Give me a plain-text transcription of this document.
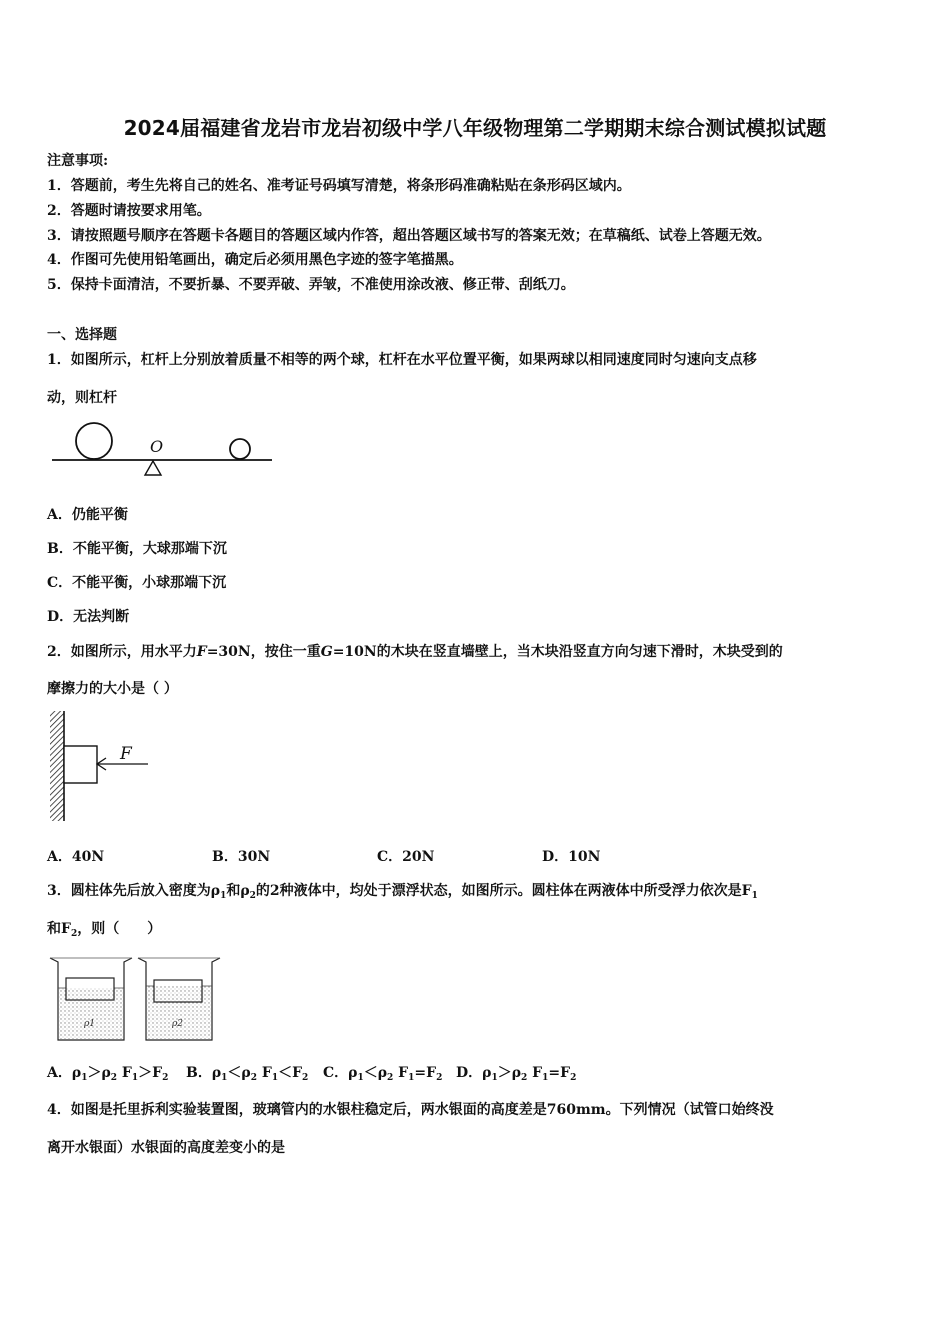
2024届福建省龙岩市龙岩初级中学八年级物理第二学期期末综合测试模拟试题
注意事项:
1．答题前，考生先将自己的姓名、准考证号码填写清楚，将条形码准确粘贴在条形码区域内。
2．答题时请按要求用笔。
3．请按照题号顺序在答题卡各题目的答题区域内作答，超出答题区域书写的答案无效；在草稿纸、试卷上答题无效。
4．作图可先使用铅笔画出，确定后必须用黑色字迹的签字笔描黑。
5．保持卡面清洁，不要折暴、不要弄破、弄皱，不准使用涂改液、修正带、刮纸刀。
一、选择题
1．如图所示，杠杆上分别放着质量不相等的两个球，杠杆在水平位置平衡，如果两球以相同速度同时匀速向支点移
动，则杠杆
O
A．仍能平衡
B．不能平衡，大球那端下沉
C．不能平衡，小球那端下沉
D．无法判断
2．如图所示，用水平力F=30N，按住一重G=10N的木块在竖直墙壁上，当木块沿竖直方向匀速下滑时，木块受到的
摩擦力的大小是（ ）
F
A．40N	B．30N	C．20N	D．10N
3．圆柱体先后放入密度为$\rho_1$和$\rho_2$的2种液体中，均处于漂浮状态，如图所示。圆柱体在两液体中所受浮力依次是$F_1$
和$F_2$，则（　　）
ρ1	ρ2
A．$\rho_1>\rho_2$ $F_1>F_2$ B．$\rho_1<\rho_2$ $F_1<F_2$ C．$\rho_1<\rho_2$ $F_1=F_2$ D．$\rho_1>\rho_2$ $F_1=F_2$
4．如图是托里拆利实验装置图，玻璃管内的水银柱稳定后，两水银面的高度差是760mm。下列情况（试管口始终没
离开水银面）水银面的高度差变小的是
